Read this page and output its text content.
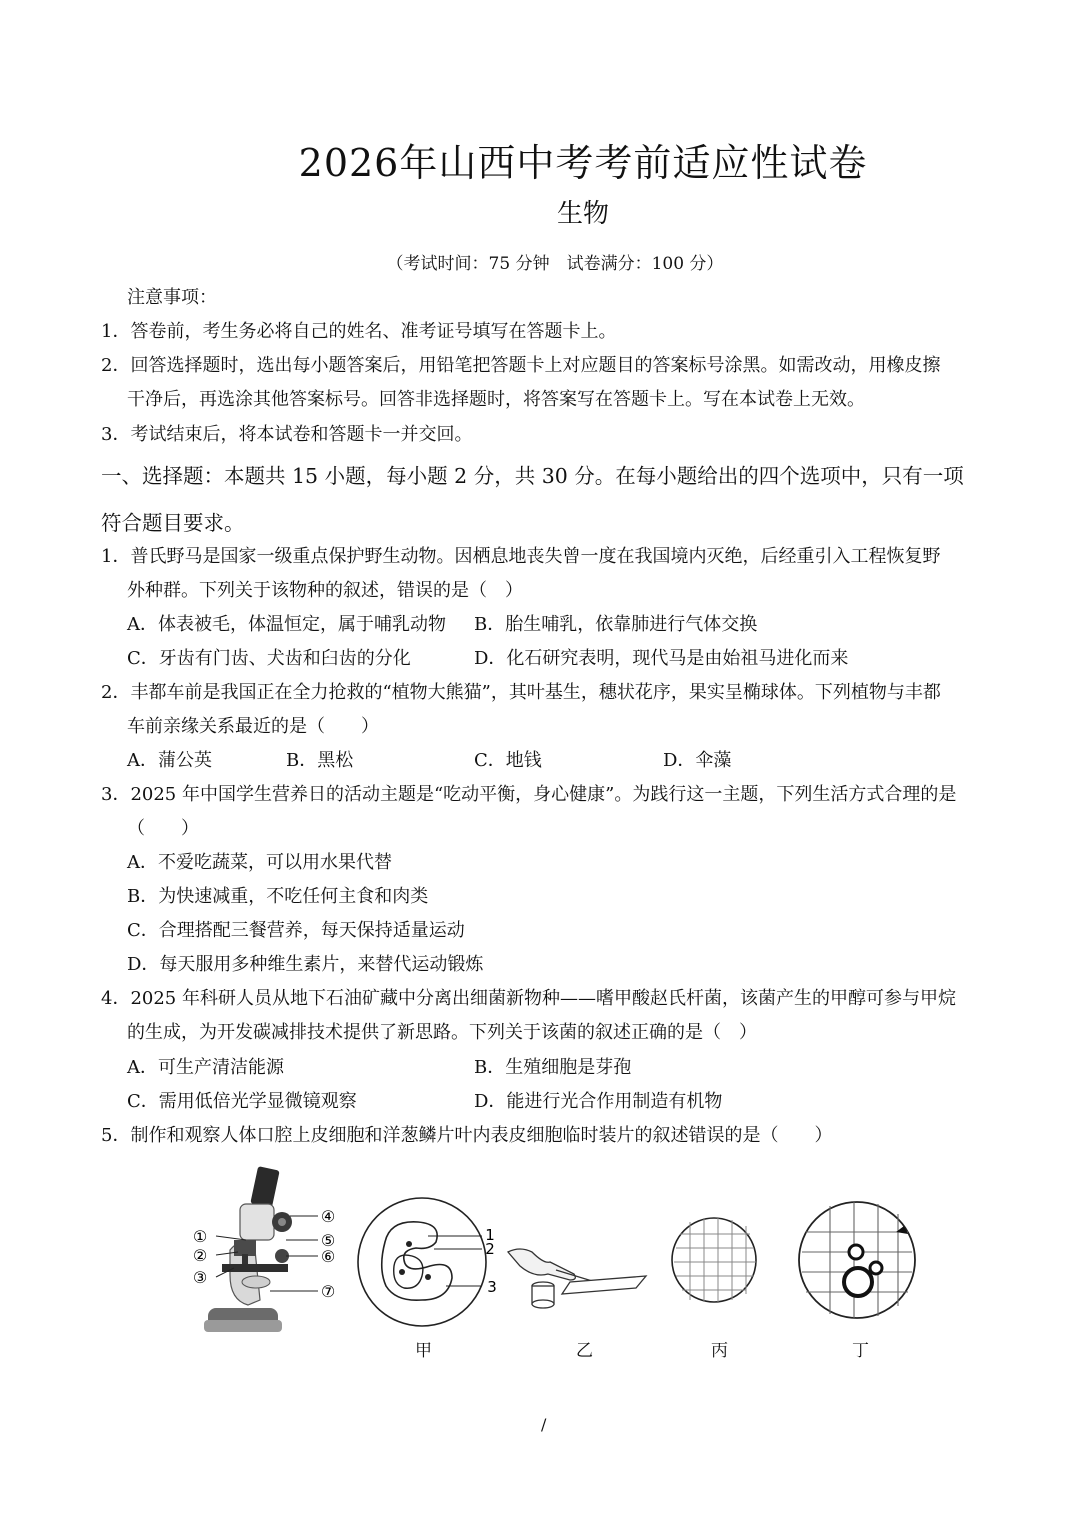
2026年山西中考考前适应性试卷
生物
（考试时间：75 分钟　试卷满分：100 分）
注意事项：
1．答卷前，考生务必将自己的姓名、准考证号填写在答题卡上。
2．回答选择题时，选出每小题答案后，用铅笔把答题卡上对应题目的答案标号涂黑。如需改动，用橡皮擦
干净后，再选涂其他答案标号。回答非选择题时，将答案写在答题卡上。写在本试卷上无效。
3．考试结束后，将本试卷和答题卡一并交回。
一、选择题：本题共 15 小题，每小题 2 分，共 30 分。在每小题给出的四个选项中，只有一项
符合题目要求。
1．普氏野马是国家一级重点保护野生动物。因栖息地丧失曾一度在我国境内灭绝，后经重引入工程恢复野
外种群。下列关于该物种的叙述，错误的是（　）
A．体表被毛，体温恒定，属于哺乳动物 B．胎生哺乳，依靠肺进行气体交换
C．牙齿有门齿、犬齿和臼齿的分化	D．化石研究表明，现代马是由始祖马进化而来
2．丰都车前是我国正在全力抢救的“植物大熊猫”，其叶基生，穗状花序，果实呈椭球体。下列植物与丰都
车前亲缘关系最近的是（　　）
A．蒲公英	B．黑松	C．地钱	D．伞藻
3．2025 年中国学生营养日的活动主题是“吃动平衡，身心健康”。为践行这一主题，下列生活方式合理的是
（　　）
A．不爱吃蔬菜，可以用水果代替
B．为快速减重，不吃任何主食和肉类
C．合理搭配三餐营养，每天保持适量运动
D．每天服用多种维生素片，来替代运动锻炼
4．2025 年科研人员从地下石油矿藏中分离出细菌新物种——嗜甲酸赵氏杆菌，该菌产生的甲醇可参与甲烷
的生成，为开发碳减排技术提供了新思路。下列关于该菌的叙述正确的是（　）
A．可生产清洁能源	B．生殖细胞是芽孢
C．需用低倍光学显微镜观察	D．能进行光合作用制造有机物
5．制作和观察人体口腔上皮细胞和洋葱鳞片叶内表皮细胞临时装片的叙述错误的是（　　）
①
②
③
④
⑤
⑥
⑦
1
2
3
甲	乙	丙	丁
/
